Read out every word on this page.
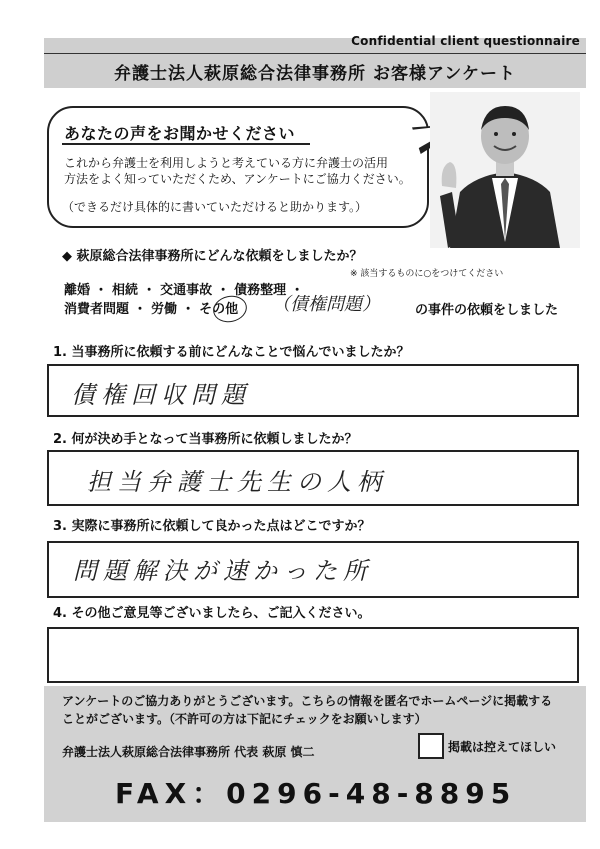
Confidential client questionnaire
弁護士法人萩原総合法律事務所 お客様アンケート
あなたの声をお聞かせください
これから弁護士を利用しようと考えている方に弁護士の活用
方法をよく知っていただくため、アンケートにご協力ください。
（できるだけ具体的に書いていただけると助かります。）
◆ 萩原総合法律事務所にどんな依頼をしましたか？
※ 該当するものに○をつけてください
離婚 ・ 相続 ・ 交通事故 ・ 債務整理 ・
消費者問題 ・ 労働 ・ その他 （債権問題）	の事件の依頼をしました
1. 当事務所に依頼する前にどんなことで悩んでいましたか？
債権回収問題
2. 何が決め手となって当事務所に依頼しましたか？
担当弁護士先生の人柄
3. 実際に事務所に依頼して良かった点はどこですか？
問題解決が速かった所
4. その他ご意見等ございましたら、ご記入ください。
アンケートのご協力ありがとうございます。こちらの情報を匿名でホームページに掲載する
ことがございます。（不許可の方は下記にチェックをお願いします）
弁護士法人萩原総合法律事務所 代表 萩原 慎二	掲載は控えてほしい
FAX：0296-48-8895
